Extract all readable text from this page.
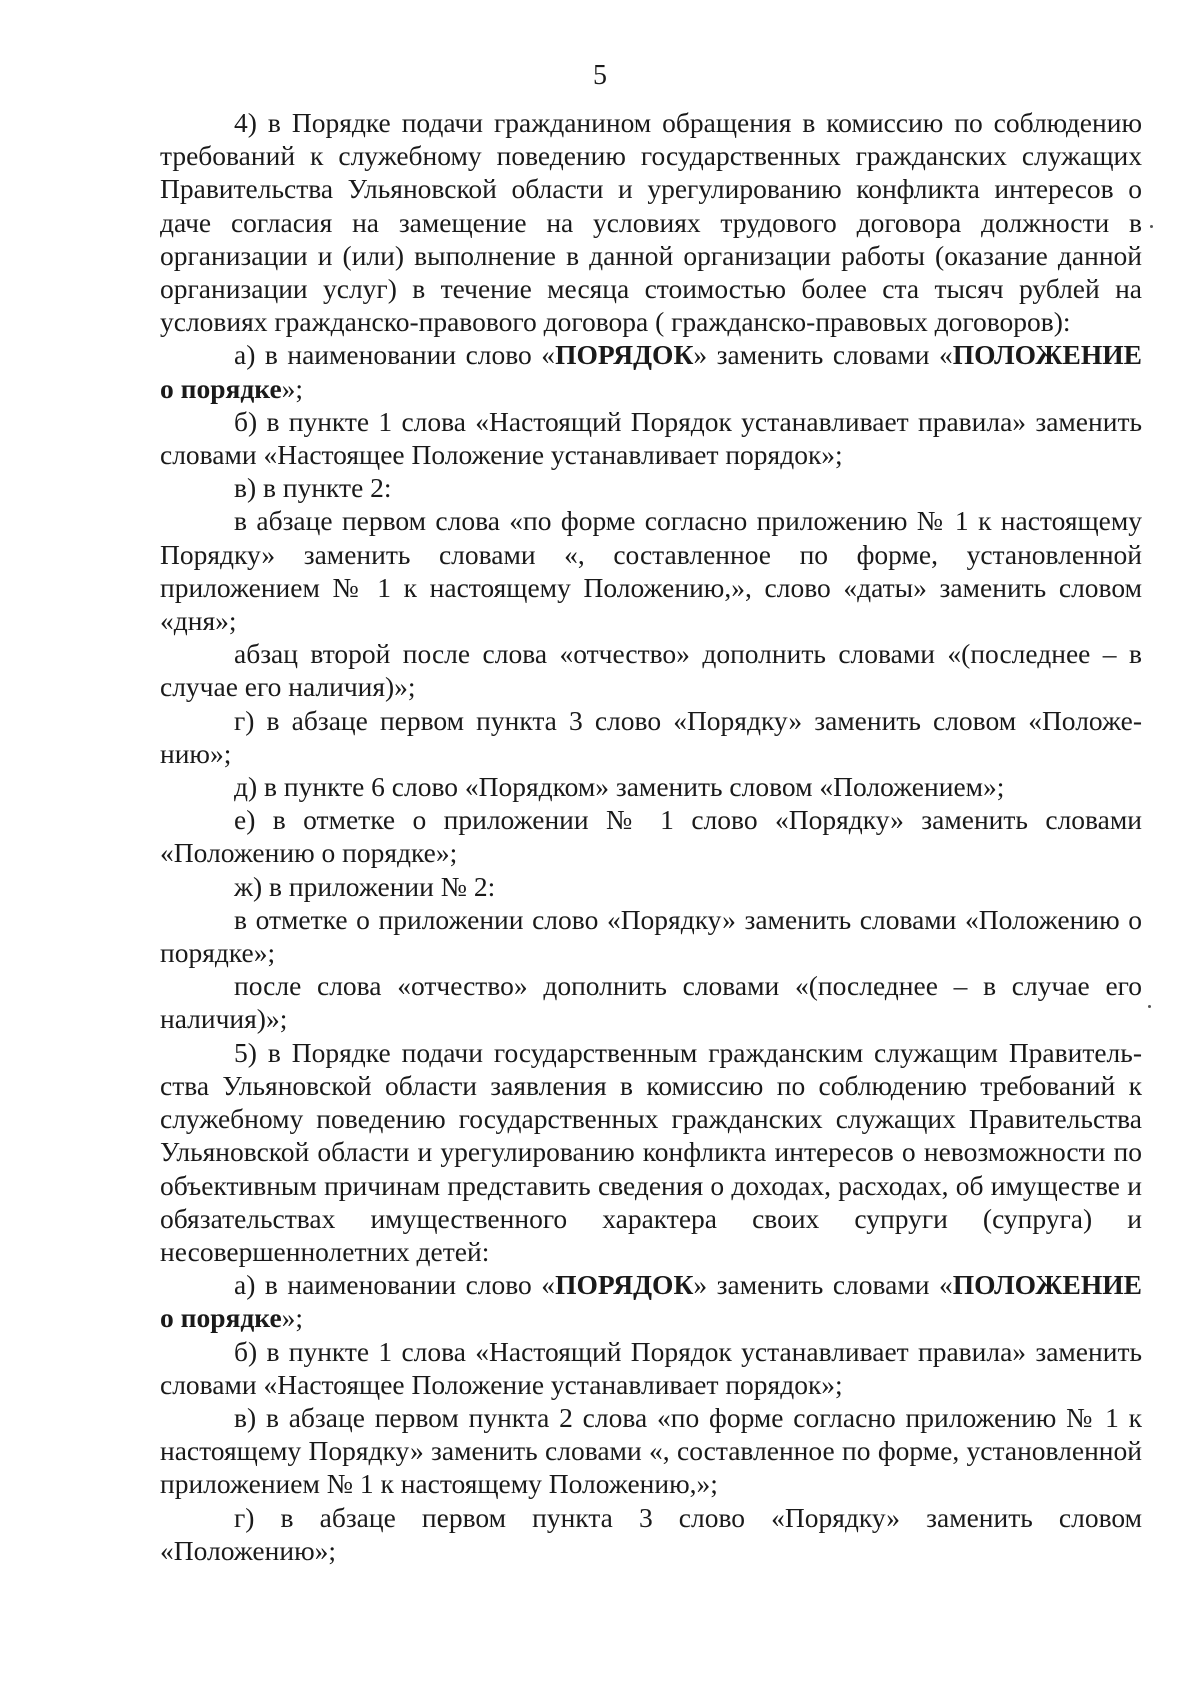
5

4) в Порядке подачи гражданином обращения в комиссию по соблюдению требований к служебному поведению государственных гражданских служащих Правительства Ульяновской области и урегулированию конфликта интересов о даче согласия на замещение на условиях трудового договора должности в организации и (или) выполнение в данной организации работы (оказание данной организации услуг) в течение месяца стоимостью более ста тысяч рублей на условиях гражданско-правового договора ( гражданско-правовых договоров):

а) в наименовании слово «ПОРЯДОК» заменить словами «ПОЛОЖЕНИЕ о порядке»;

б) в пункте 1 слова «Настоящий Порядок устанавливает правила» заменить словами «Настоящее Положение устанавливает порядок»;

в) в пункте 2:

в абзаце первом слова «по форме согласно приложению № 1 к настоящему Порядку» заменить словами «, составленное по форме, установленной приложением № 1 к настоящему Положению,», слово «даты» заменить словом «дня»;

абзац второй после слова «отчество» дополнить словами «(последнее – в случае его наличия)»;

г) в абзаце первом пункта 3 слово «Порядку» заменить словом «Положению»;

д) в пункте 6 слово «Порядком» заменить словом «Положением»;

е) в отметке о приложении № 1 слово «Порядку» заменить словами «Положению о порядке»;

ж) в приложении № 2:

в отметке о приложении слово «Порядку» заменить словами «Положению о порядке»;

после слова «отчество» дополнить словами «(последнее – в случае его наличия)»;

5) в Порядке подачи государственным гражданским служащим Правительства Ульяновской области заявления в комиссию по соблюдению требований к служебному поведению государственных гражданских служащих Правительства Ульяновской области и урегулированию конфликта интересов о невозможности по объективным причинам представить сведения о доходах, расходах, об имуществе и обязательствах имущественного характера своих супруги (супруга) и несовершеннолетних детей:

а) в наименовании слово «ПОРЯДОК» заменить словами «ПОЛОЖЕНИЕ о порядке»;

б) в пункте 1 слова «Настоящий Порядок устанавливает правила» заменить словами «Настоящее Положение устанавливает порядок»;

в) в абзаце первом пункта 2 слова «по форме согласно приложению № 1 к настоящему Порядку» заменить словами «, составленное по форме, установленной приложением № 1 к настоящему Положению,»;

г) в абзаце первом пункта 3 слово «Порядку» заменить словом «Положению»;
